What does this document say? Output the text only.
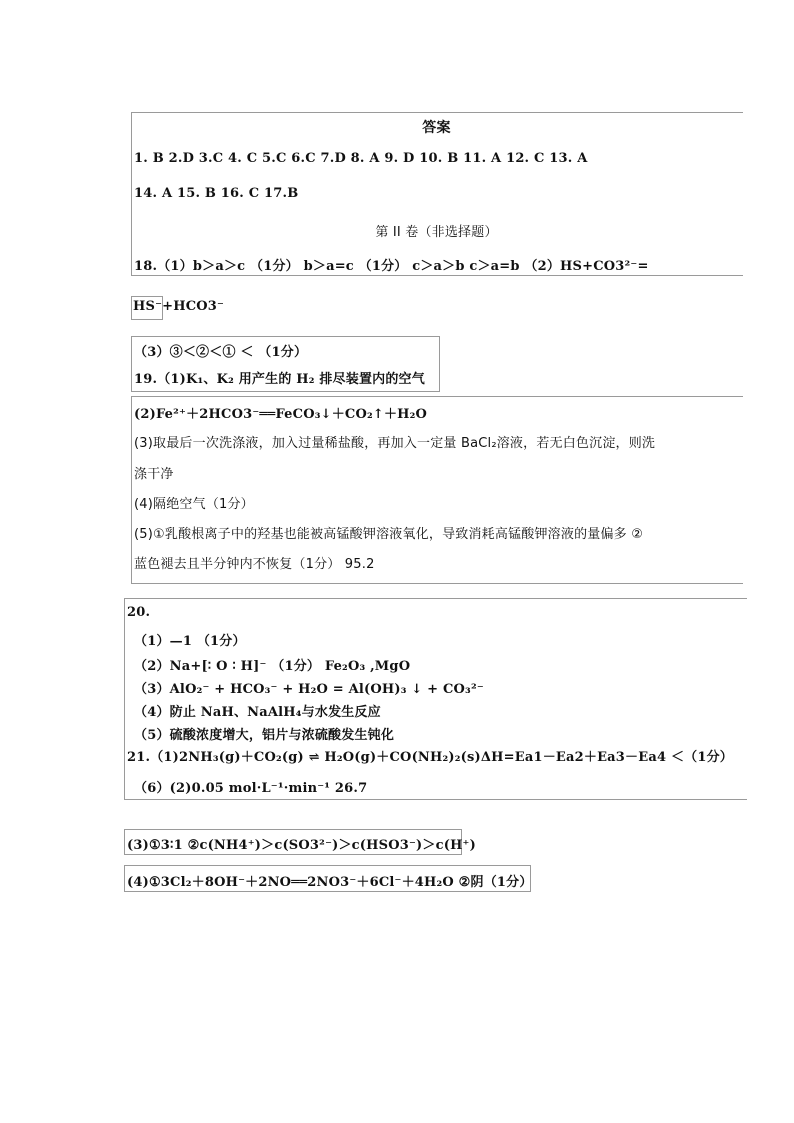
答案
1. B 2.D 3.C 4. C 5.C 6.C 7.D 8. A 9. D 10. B 11. A 12. C 13. A
14. A 15. B 16. C 17.B
第 II 卷（非选择题）
18.（1）b＞a＞c （1分） b＞a=c （1分） c＞a＞b c＞a=b （2）HS+CO3²⁻=
HS⁻+HCO3⁻
（3）③＜②＜① ＜ （1分）
19.（1)K₁、K₂ 用产生的 H₂ 排尽装置内的空气
(2)Fe²⁺＋2HCO3⁻══FeCO₃↓＋CO₂↑＋H₂O
(3)取最后一次洗涤液，加入过量稀盐酸，再加入一定量 BaCl₂溶液，若无白色沉淀，则洗
涤干净
(4)隔绝空气（1分）
(5)①乳酸根离子中的羟基也能被高锰酸钾溶液氧化，导致消耗高锰酸钾溶液的量偏多 ②
蓝色褪去且半分钟内不恢复（1分） 95.2
20.
（1）—1 （1分）
（2）Na+[∶ O ∶ H]⁻ （1分） Fe₂O₃ ,MgO
（3）AlO₂⁻ + HCO₃⁻ + H₂O = Al(OH)₃ ↓ + CO₃²⁻
（4）防止 NaH、NaAlH₄与水发生反应
（5）硫酸浓度增大，铝片与浓硫酸发生钝化
21.（1)2NH₃(g)＋CO₂(g) ⇌ H₂O(g)＋CO(NH₂)₂(s)ΔH=Ea1－Ea2＋Ea3－Ea4 ＜（1分）
（6）(2)0.05 mol·L⁻¹·min⁻¹ 26.7
(3)①3∶1 ②c(NH4⁺)＞c(SO3²⁻)＞c(HSO3⁻)＞c(H⁺)
(4)①3Cl₂＋8OH⁻＋2NO══2NO3⁻＋6Cl⁻＋4H₂O ②阴（1分）
